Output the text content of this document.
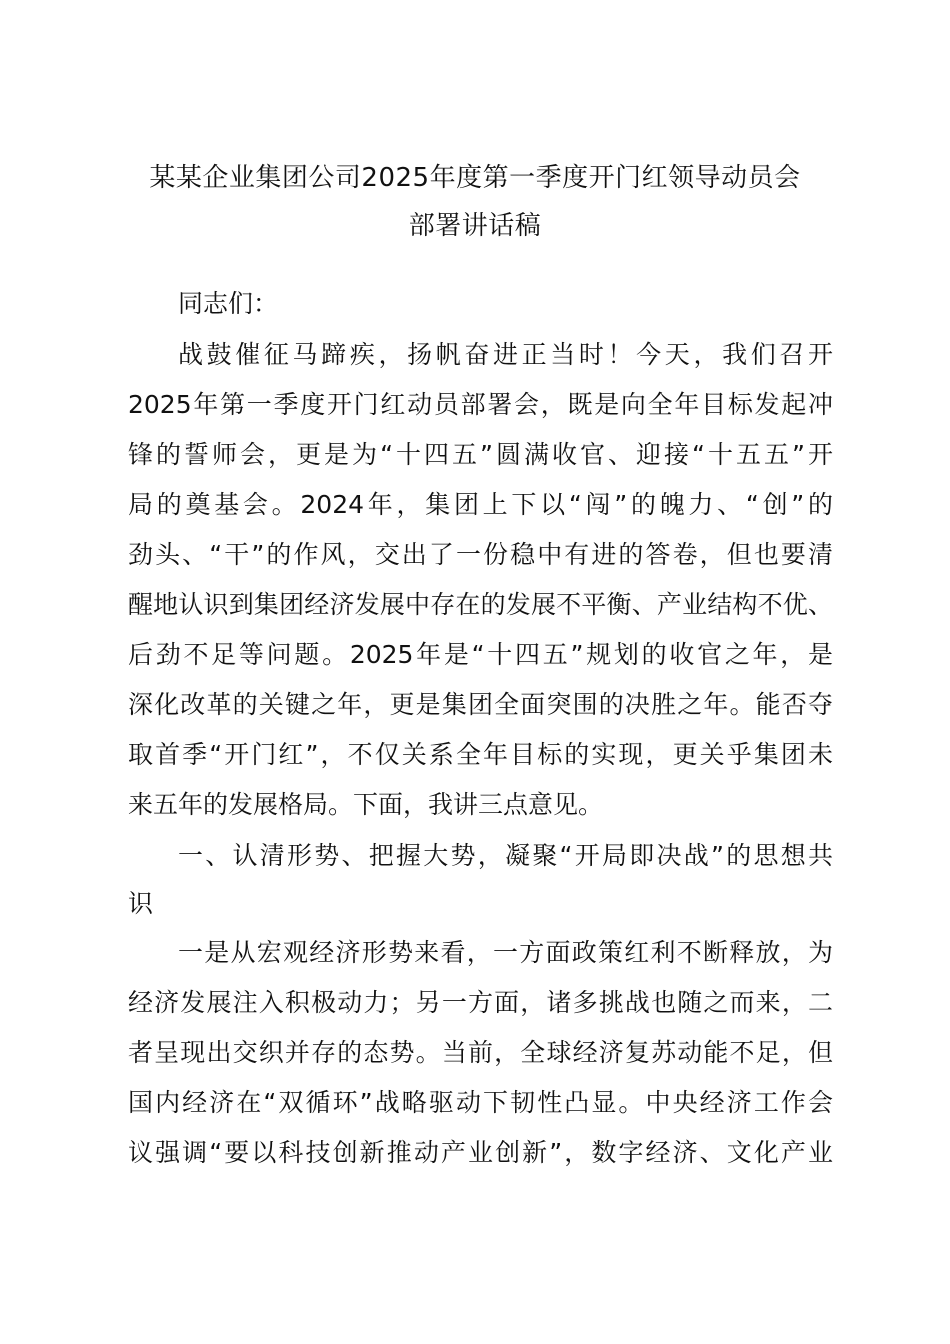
某某企业集团公司2025年度第一季度开门红领导动员会
部署讲话稿
同志们：
战鼓催征马蹄疾，扬帆奋进正当时！今天，我们召开
2025年第一季度开门红动员部署会，既是向全年目标发起冲
锋的誓师会，更是为“十四五”圆满收官、迎接“十五五”开
局的奠基会。2024年，集团上下以“闯”的魄力、“创”的
劲头、“干”的作风，交出了一份稳中有进的答卷，但也要清
醒地认识到集团经济发展中存在的发展不平衡、产业结构不优、
后劲不足等问题。2025年是“十四五”规划的收官之年，是
深化改革的关键之年，更是集团全面突围的决胜之年。能否夺
取首季“开门红”，不仅关系全年目标的实现，更关乎集团未
来五年的发展格局。下面，我讲三点意见。
一、认清形势、把握大势，凝聚“开局即决战”的思想共
识
一是从宏观经济形势来看，一方面政策红利不断释放，为
经济发展注入积极动力；另一方面，诸多挑战也随之而来，二
者呈现出交织并存的态势。当前，全球经济复苏动能不足，但
国内经济在“双循环”战略驱动下韧性凸显。中央经济工作会
议强调“要以科技创新推动产业创新”，数字经济、文化产业
